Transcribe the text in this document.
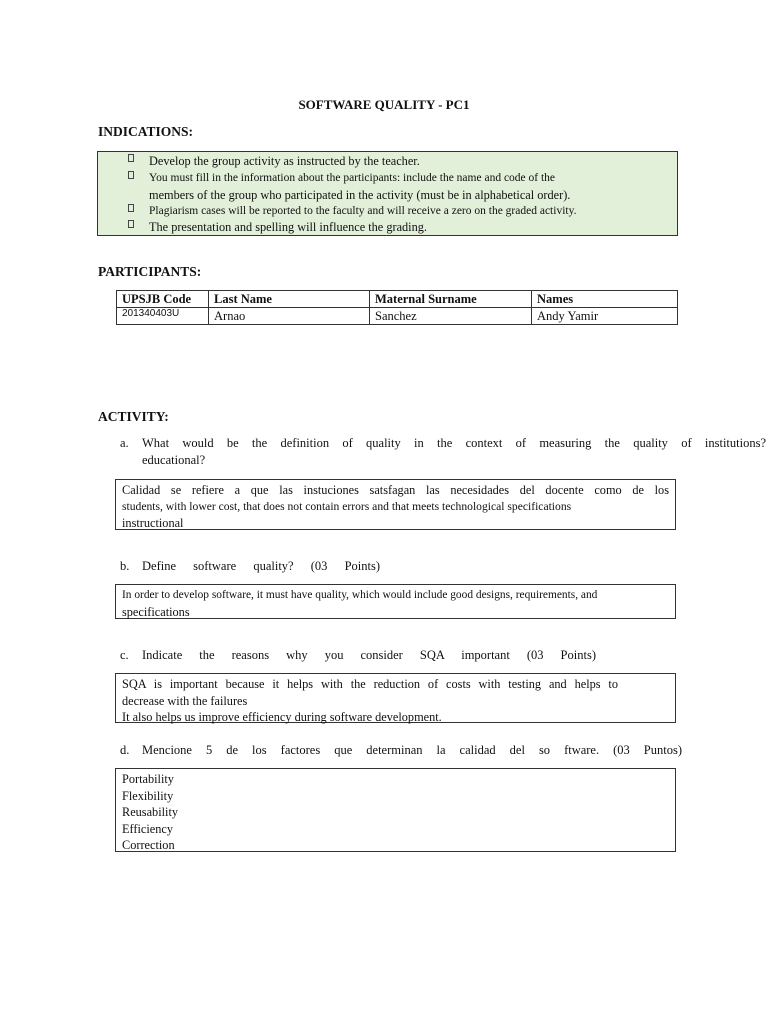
SOFTWARE QUALITY - PC1
INDICATIONS:
Develop the group activity as instructed by the teacher.
You must fill in the information about the participants: include the name and code of the
members of the group who participated in the activity (must be in alphabetical order).
Plagiarism cases will be reported to the faculty and will receive a zero on the graded activity.
The presentation and spelling will influence the grading.
PARTICIPANTS:
UPSJB Code	Last Name	Maternal Surname	Names
201340403U	Arnao	Sanchez	Andy Yamir
ACTIVITY:
a. What would be the definition of quality in the context of measuring the quality of institutions?
educational?
Calidad se refiere a que las instuciones satsfagan las necesidades del docente como de los
students, with lower cost, that does not contain errors and that meets technological specifications
instructional
b. Define software quality? (03 Points)
In order to develop software, it must have quality, which would include good designs, requirements, and
specifications
c. Indicate the reasons why you consider SQA important (03 Points)
SQA is important because it helps with the reduction of costs with testing and helps to
decrease with the failures
It also helps us improve efficiency during software development.
d. Mencione 5 de los factores que determinan la calidad del so ftware. (03 Puntos)
Portability
Flexibility
Reusability
Efficiency
Correction
